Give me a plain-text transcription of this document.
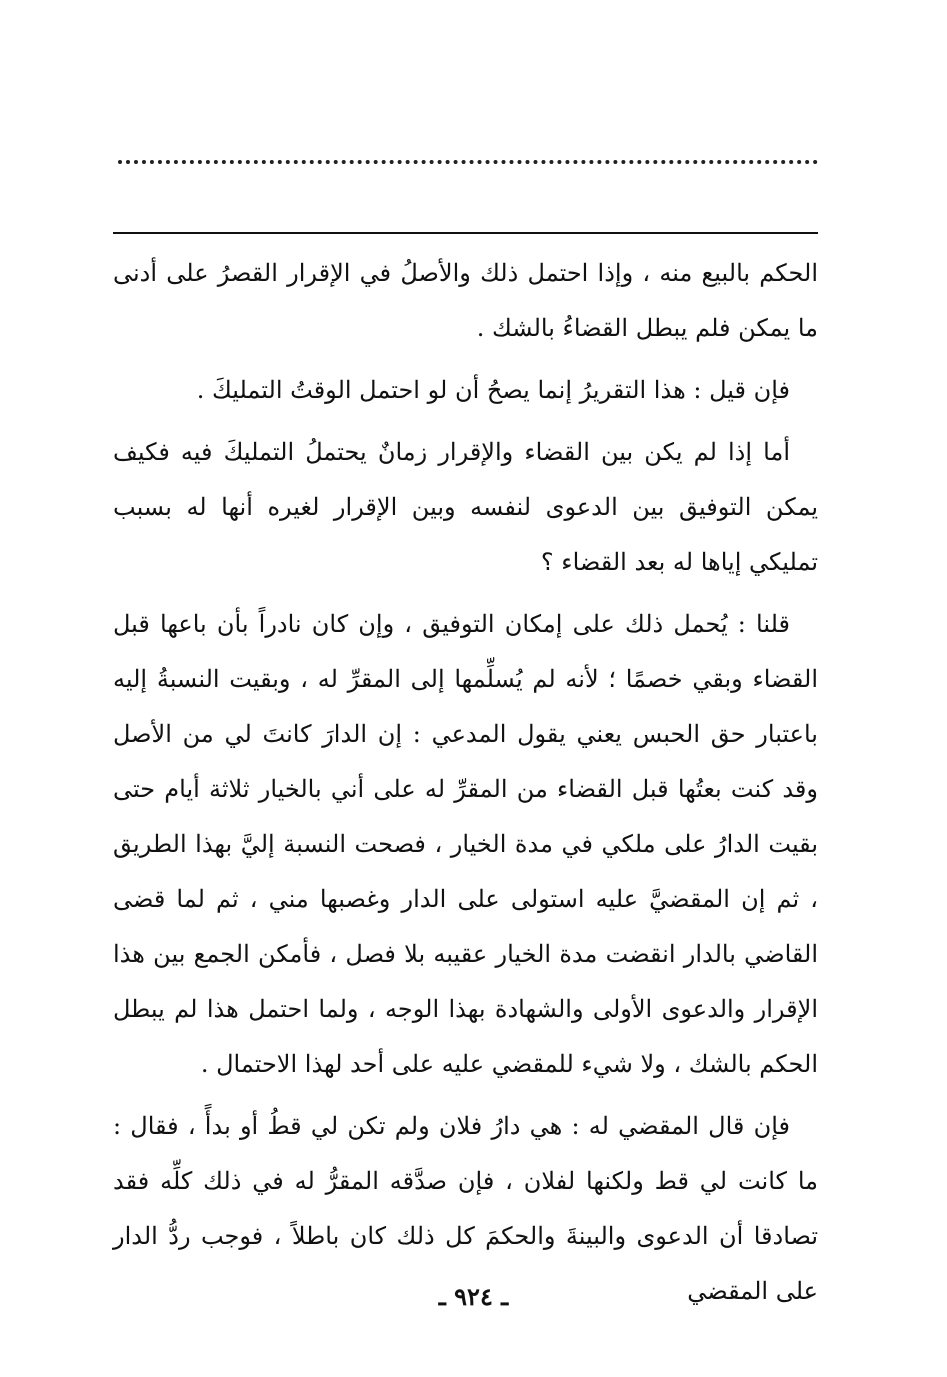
الحكم بالبيع منه ، وإذا احتمل ذلك والأصلُ في الإقرار القصرُ على أدنى ما يمكن فلم يبطل القضاءُ بالشك .

فإن قيل : هذا التقريرُ إنما يصحُ أن لو احتمل الوقتُ التمليكَ .

أما إذا لم يكن بين القضاء والإقرار زمانٌ يحتملُ التمليكَ فيه فكيف يمكن التوفيق بين الدعوى لنفسه وبين الإقرار لغيره أنها له بسبب تمليكي إياها له بعد القضاء ؟

قلنا : يُحمل ذلك على إمكان التوفيق ، وإن كان نادراً بأن باعها قبل القضاء وبقي خصمًا ؛ لأنه لم يُسلِّمها إلى المقرِّ له ، وبقيت النسبةُ إليه باعتبار حق الحبس يعني يقول المدعي : إن الدارَ كانتَ لي من الأصل وقد كنت بعتُها قبل القضاء من المقرِّ له على أني بالخيار ثلاثة أيام حتى بقيت الدارُ على ملكي في مدة الخيار ، فصحت النسبة إليَّ بهذا الطريق ، ثم إن المقضيَّ عليه استولى على الدار وغصبها مني ، ثم لما قضى القاضي بالدار انقضت مدة الخيار عقيبه بلا فصل ، فأمكن الجمع بين هذا الإقرار والدعوى الأولى والشهادة بهذا الوجه ، ولما احتمل هذا لم يبطل الحكم بالشك ، ولا شيء للمقضي عليه على أحد لهذا الاحتمال .

فإن قال المقضي له : هي دارُ فلان ولم تكن لي قطُ أو بدأً ، فقال : ما كانت لي قط ولكنها لفلان ، فإن صدَّقه المقرُّ له في ذلك كلِّه فقد تصادقا أن الدعوى والبينةَ والحكمَ كل ذلك كان باطلاً ، فوجب ردُّ الدار على المقضي

ـ ٩٢٤ ـ
